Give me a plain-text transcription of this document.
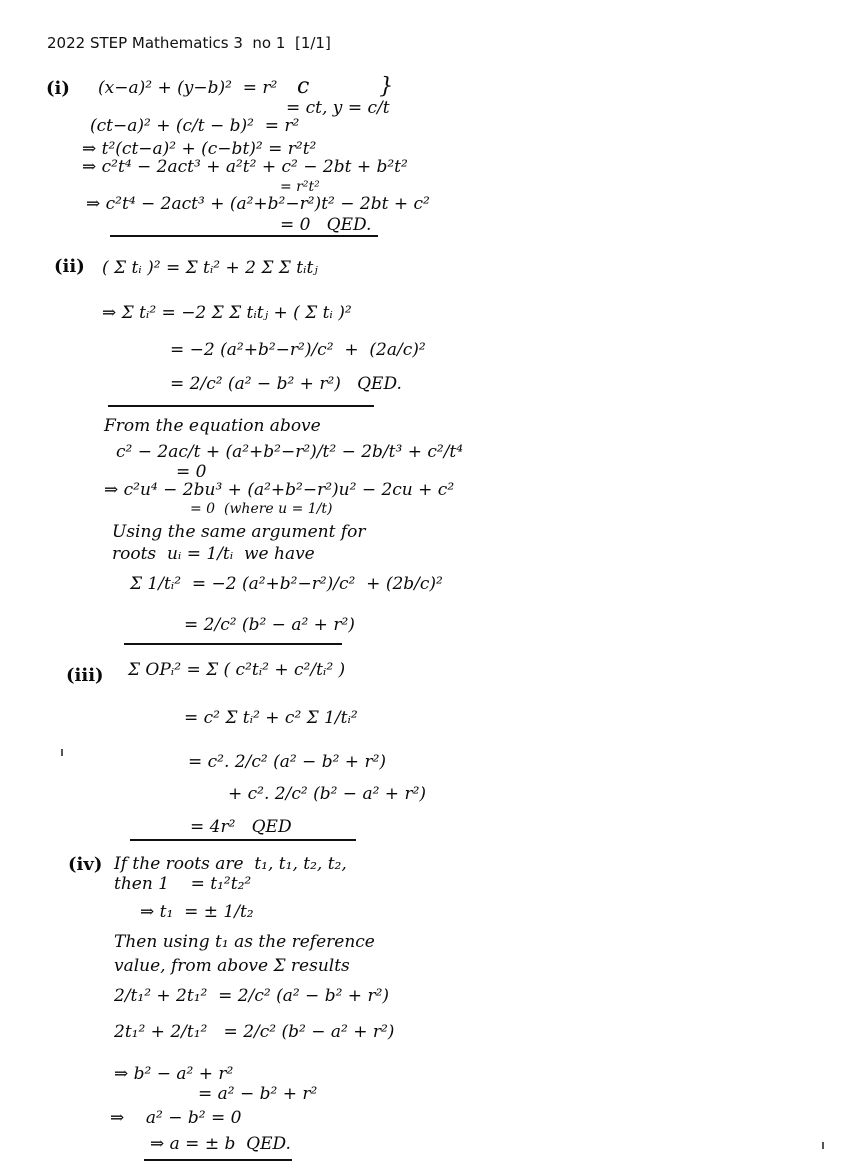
2022 STEP Mathematics 3  no 1  [1/1]
(i) (x−a)² + (y−b)²  = r² c          }
= ct, y = c/t
(ct−a)² + (c/t − b)²  = r²
⇒ t²(ct−a)² + (c−bt)² = r²t²
⇒ c²t⁴ − 2act³ + a²t² + c² − 2bt + b²t²
= r²t²
⇒ c²t⁴ − 2act³ + (a²+b²−r²)t² − 2bt + c²
= 0   QED.
(ii) ( Σ tᵢ )² = Σ tᵢ² + 2 Σ Σ tᵢtⱼ
⇒ Σ tᵢ² = −2 Σ Σ tᵢtⱼ + ( Σ tᵢ )²
= −2 (a²+b²−r²)/c²  +  (2a/c)²
= 2/c² (a² − b² + r²)   QED.
From the equation above
c² − 2ac/t + (a²+b²−r²)/t² − 2b/t³ + c²/t⁴
= 0
⇒ c²u⁴ − 2bu³ + (a²+b²−r²)u² − 2cu + c²
= 0  (where u = 1/t)
Using the same argument for
roots  uᵢ = 1/tᵢ  we have
Σ 1/tᵢ²  = −2 (a²+b²−r²)/c²  + (2b/c)²
= 2/c² (b² − a² + r²)
(iii) Σ OPᵢ² = Σ ( c²tᵢ² + c²/tᵢ² )
= c² Σ tᵢ² + c² Σ 1/tᵢ²
= c². 2/c² (a² − b² + r²)
+ c². 2/c² (b² − a² + r²)
= 4r²   QED
(iv) If the roots are  t₁, t₁, t₂, t₂,
then 1    = t₁²t₂²
⇒ t₁  = ± 1/t₂
Then using t₁ as the reference
value, from above Σ results
2/t₁² + 2t₁²  = 2/c² (a² − b² + r²)
2t₁² + 2/t₁²   = 2/c² (b² − a² + r²)
⇒ b² − a² + r²
= a² − b² + r²
⇒    a² − b² = 0
⇒ a = ± b  QED.
